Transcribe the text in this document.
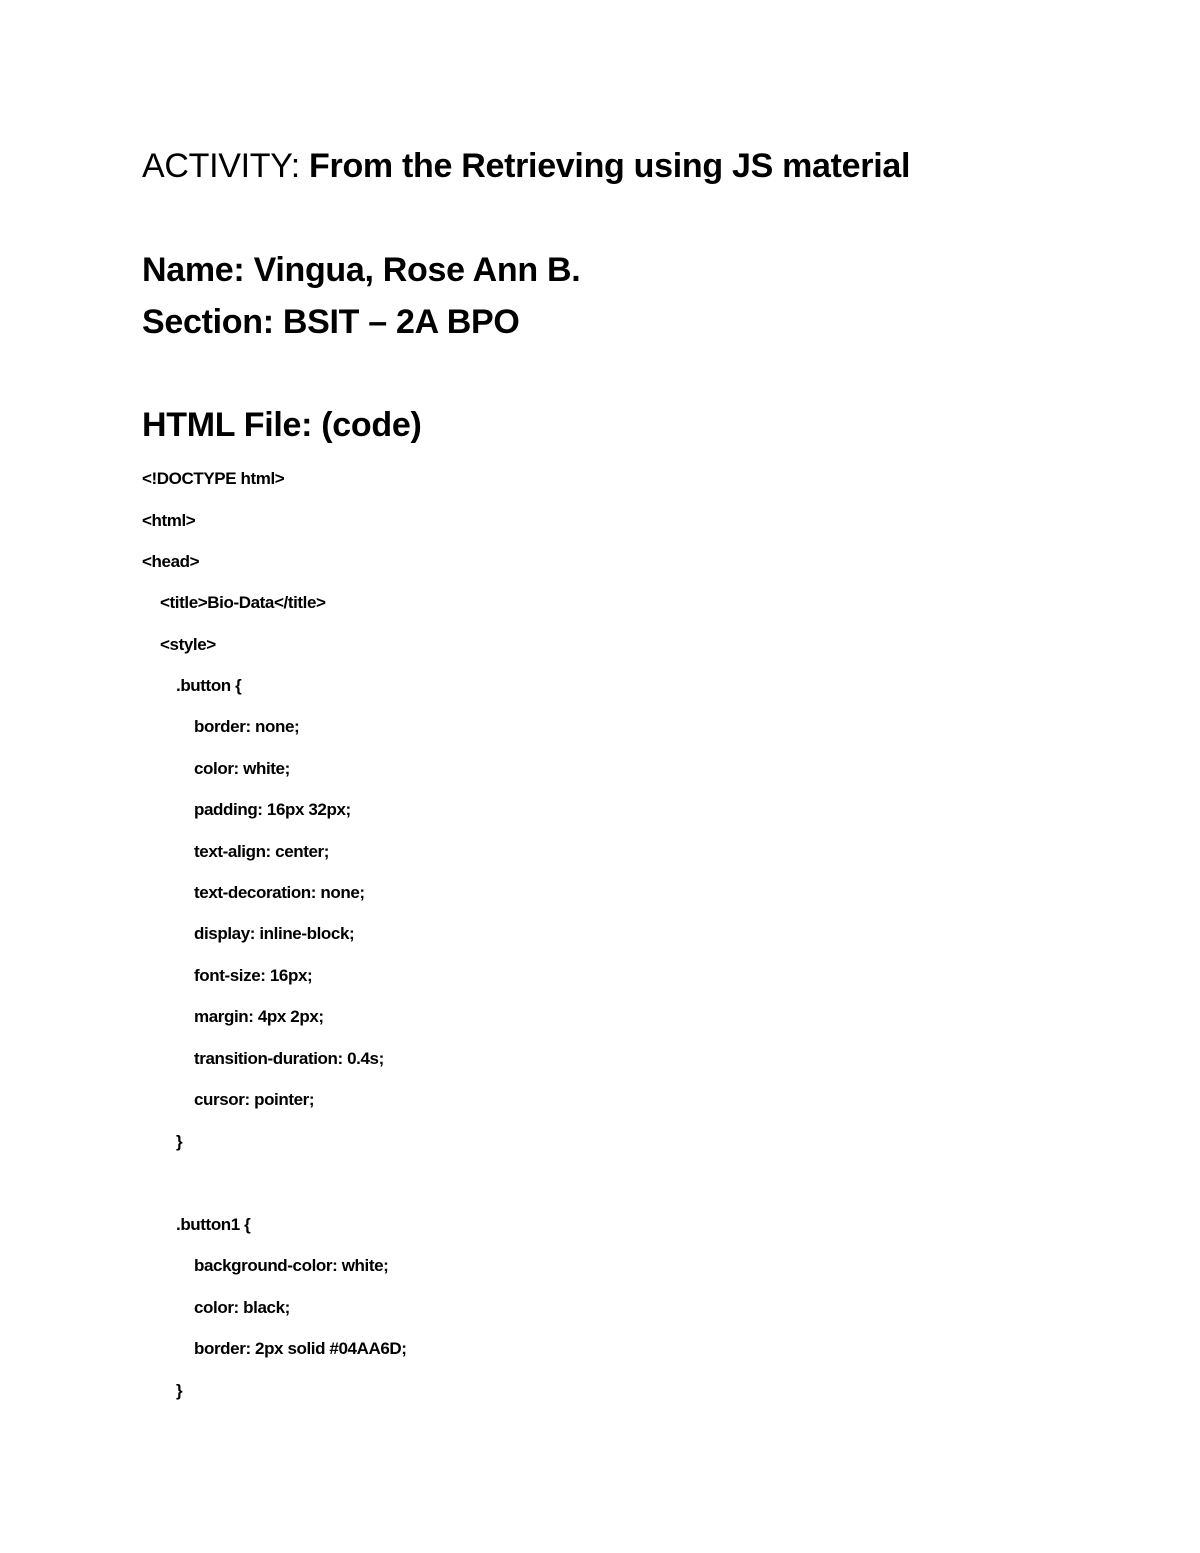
ACTIVITY: From the Retrieving using JS material
Name: Vingua, Rose Ann B.
Section: BSIT – 2A BPO
HTML File: (code)
<!DOCTYPE html>
<html>
<head>
<title>Bio-Data</title>
<style>
.button {
border: none;
color: white;
padding: 16px 32px;
text-align: center;
text-decoration: none;
display: inline-block;
font-size: 16px;
margin: 4px 2px;
transition-duration: 0.4s;
cursor: pointer;
}
.button1 {
background-color: white;
color: black;
border: 2px solid #04AA6D;
}
